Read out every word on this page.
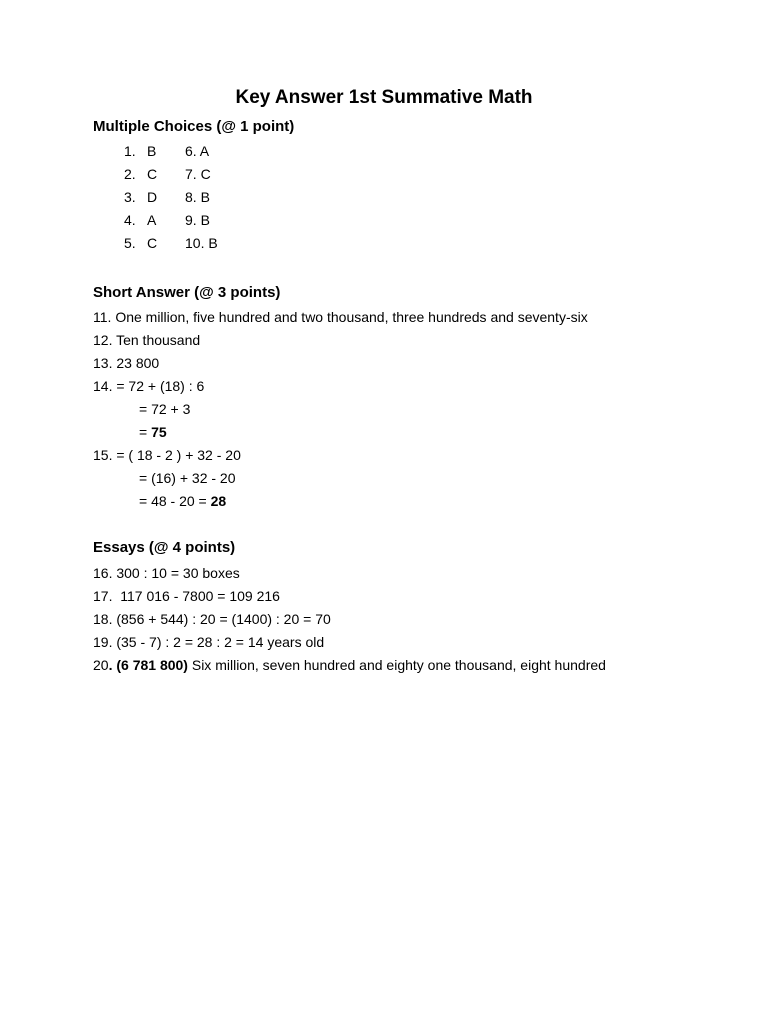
Key Answer 1st Summative Math
Multiple Choices (@ 1 point)
1. B 6. A
2. C 7. C
3. D 8. B
4. A 9. B
5. C 10. B
Short Answer (@ 3 points)
11. One million, five hundred and two thousand, three hundreds and seventy-six
12. Ten thousand
13. 23 800
14. = 72 + (18) : 6
= 72 + 3
= 75
15. = ( 18 - 2 ) + 32 - 20
= (16) + 32 - 20
= 48 - 20 = 28
Essays (@ 4 points)
16. 300 : 10 = 30 boxes
17.  117 016 - 7800 = 109 216
18. (856 + 544) : 20 = (1400) : 20 = 70
19. (35 - 7) : 2 = 28 : 2 = 14 years old
20. (6 781 800) Six million, seven hundred and eighty one thousand, eight hundred
